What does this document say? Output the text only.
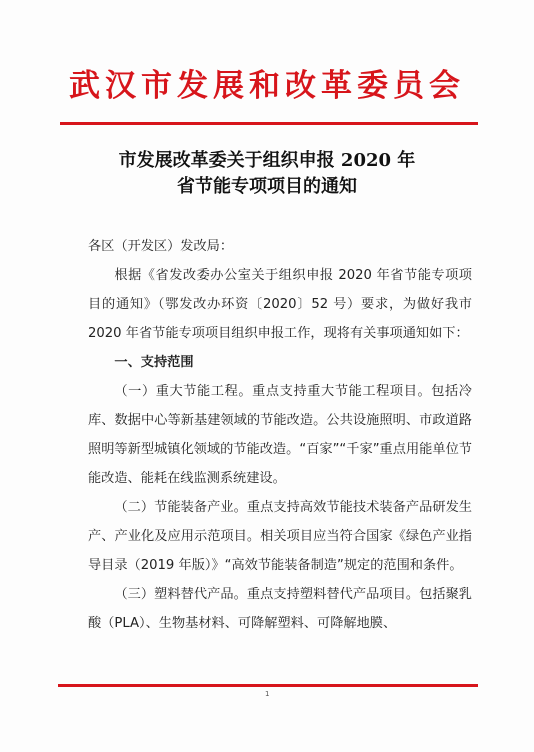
武汉市发展和改革委员会
市发展改革委关于组织申报 2020 年
省节能专项项目的通知

各区（开发区）发改局：

根据《省发改委办公室关于组织申报 2020 年省节能专项项目的通知》（鄂发改办环资〔2020〕52 号）要求，为做好我市 2020 年省节能专项项目组织申报工作，现将有关事项通知如下：

一、支持范围

（一）重大节能工程。重点支持重大节能工程项目。包括冷库、数据中心等新基建领域的节能改造。公共设施照明、市政道路照明等新型城镇化领域的节能改造。“百家”“千家”重点用能单位节能改造、能耗在线监测系统建设。

（二）节能装备产业。重点支持高效节能技术装备产品研发生产、产业化及应用示范项目。相关项目应当符合国家《绿色产业指导目录（2019 年版）》“高效节能装备制造”规定的范围和条件。

（三）塑料替代产品。重点支持塑料替代产品项目。包括聚乳酸（PLA）、生物基材料、可降解塑料、可降解地膜、

1
